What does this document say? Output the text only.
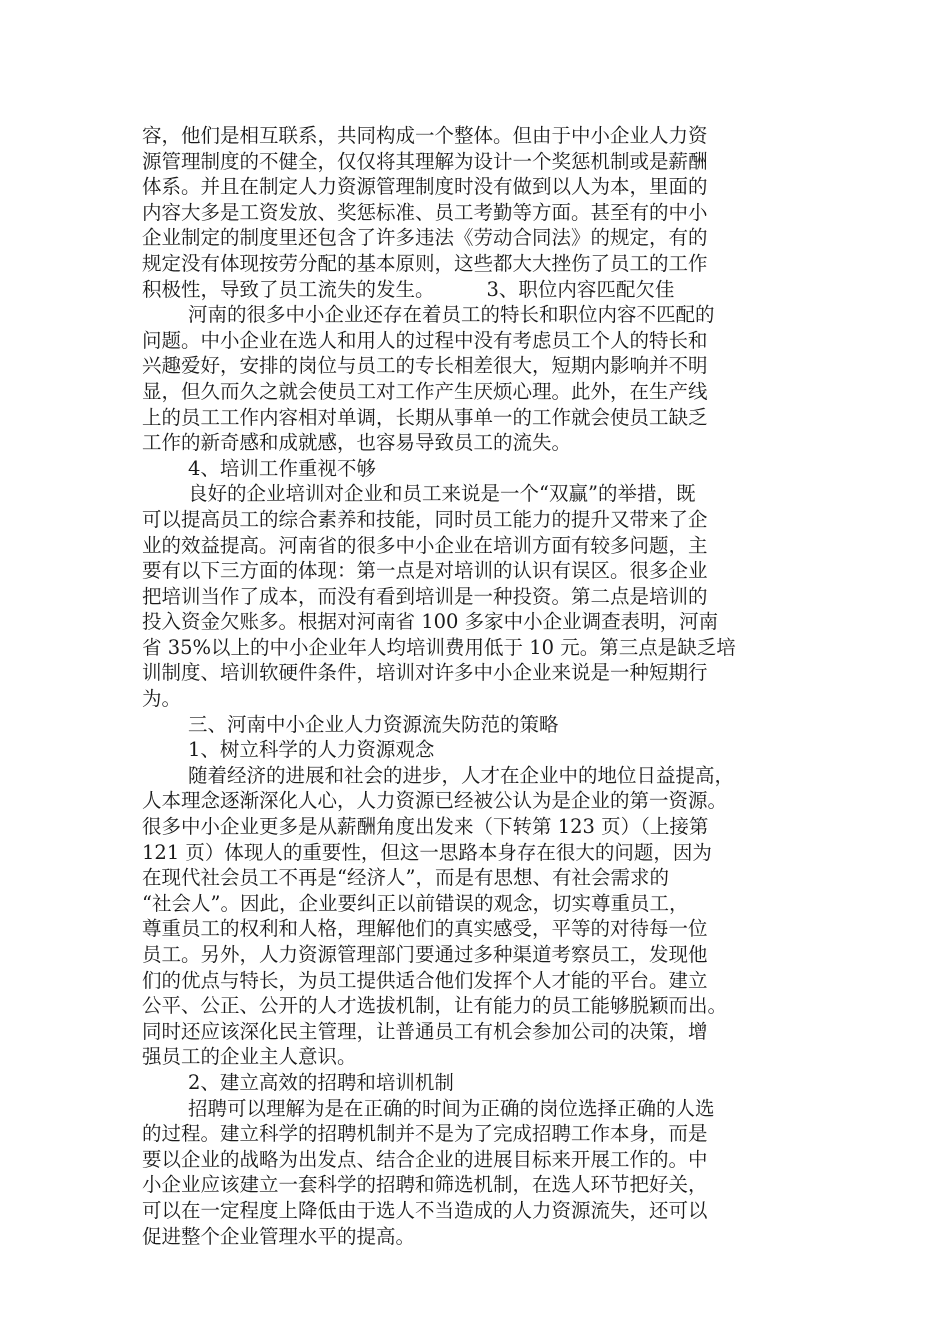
容，他们是相互联系，共同构成一个整体。但由于中小企业人力资
源管理制度的不健全，仅仅将其理解为设计一个奖惩机制或是薪酬
体系。并且在制定人力资源管理制度时没有做到以人为本，里面的
内容大多是工资发放、奖惩标准、员工考勤等方面。甚至有的中小
企业制定的制度里还包含了许多违法《劳动合同法》的规定，有的
规定没有体现按劳分配的基本原则，这些都大大挫伤了员工的工作
积极性，导致了员工流失的发生。	3、职位内容匹配欠佳
河南的很多中小企业还存在着员工的特长和职位内容不匹配的
问题。中小企业在选人和用人的过程中没有考虑员工个人的特长和
兴趣爱好，安排的岗位与员工的专长相差很大，短期内影响并不明
显，但久而久之就会使员工对工作产生厌烦心理。此外，在生产线
上的员工工作内容相对单调，长期从事单一的工作就会使员工缺乏
工作的新奇感和成就感，也容易导致员工的流失。
4、培训工作重视不够
良好的企业培训对企业和员工来说是一个“双赢”的举措，既
可以提高员工的综合素养和技能，同时员工能力的提升又带来了企
业的效益提高。河南省的很多中小企业在培训方面有较多问题，主
要有以下三方面的体现：第一点是对培训的认识有误区。很多企业
把培训当作了成本，而没有看到培训是一种投资。第二点是培训的
投入资金欠账多。根据对河南省 100 多家中小企业调查表明，河南
省 35%以上的中小企业年人均培训费用低于 10 元。第三点是缺乏培
训制度、培训软硬件条件，培训对许多中小企业来说是一种短期行
为。
三、河南中小企业人力资源流失防范的策略
1、树立科学的人力资源观念
随着经济的进展和社会的进步，人才在企业中的地位日益提高，
人本理念逐渐深化人心，人力资源已经被公认为是企业的第一资源。
很多中小企业更多是从薪酬角度出发来（下转第 123 页）（上接第
121 页）体现人的重要性，但这一思路本身存在很大的问题，因为
在现代社会员工不再是“经济人”，而是有思想、有社会需求的
“社会人”。因此，企业要纠正以前错误的观念，切实尊重员工，
尊重员工的权利和人格，理解他们的真实感受，平等的对待每一位
员工。另外，人力资源管理部门要通过多种渠道考察员工，发现他
们的优点与特长，为员工提供适合他们发挥个人才能的平台。建立
公平、公正、公开的人才选拔机制，让有能力的员工能够脱颖而出。
同时还应该深化民主管理，让普通员工有机会参加公司的决策，增
强员工的企业主人意识。
2、建立高效的招聘和培训机制
招聘可以理解为是在正确的时间为正确的岗位选择正确的人选
的过程。建立科学的招聘机制并不是为了完成招聘工作本身，而是
要以企业的战略为出发点、结合企业的进展目标来开展工作的。中
小企业应该建立一套科学的招聘和筛选机制，在选人环节把好关，
可以在一定程度上降低由于选人不当造成的人力资源流失，还可以
促进整个企业管理水平的提高。
